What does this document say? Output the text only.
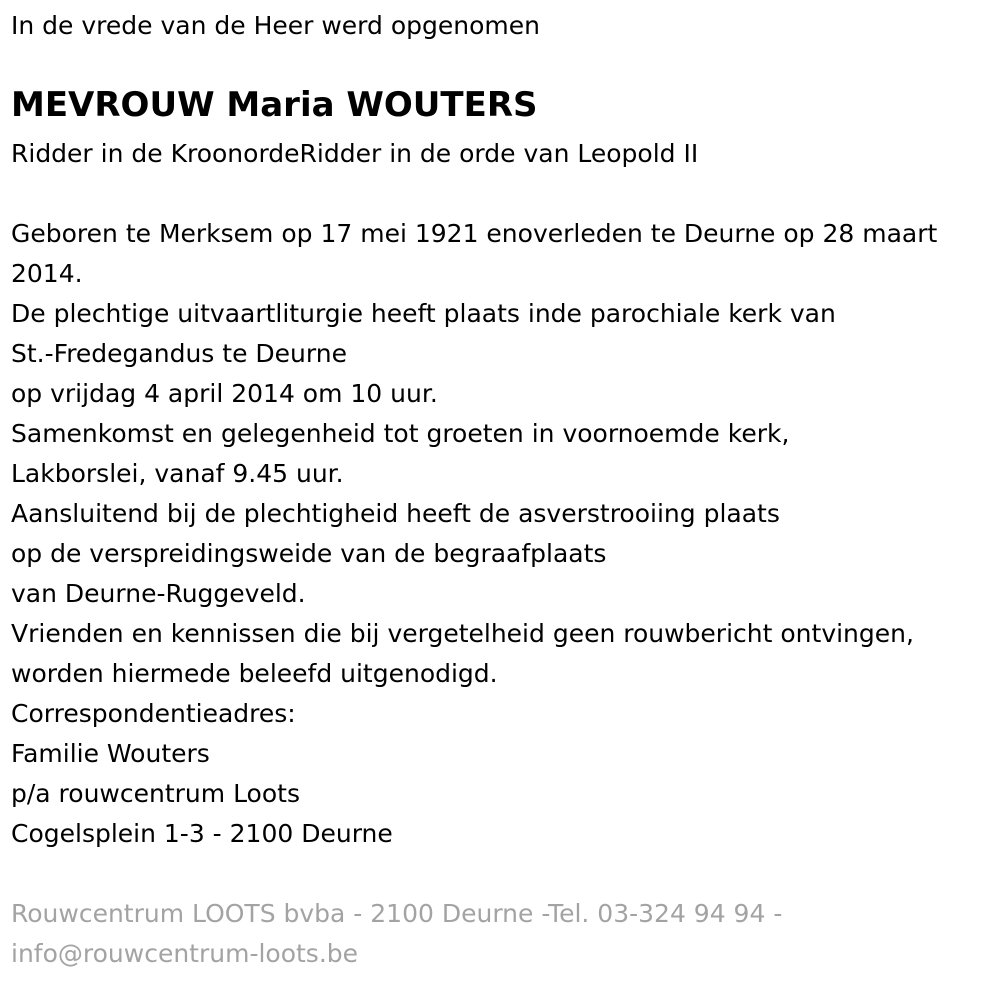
In de vrede van de Heer werd opgenomen
MEVROUW Maria WOUTERS
Ridder in de KroonordeRidder in de orde van Leopold II
Geboren te Merksem op 17 mei 1921 enoverleden te Deurne op 28 maart
2014.
De plechtige uitvaartliturgie heeft plaats inde parochiale kerk van
St.-Fredegandus te Deurne
op vrijdag 4 april 2014 om 10 uur.
Samenkomst en gelegenheid tot groeten in voornoemde kerk,
Lakborslei, vanaf 9.45 uur.
Aansluitend bij de plechtigheid heeft de asverstrooiing plaats
op de verspreidingsweide van de begraafplaats
van Deurne-Ruggeveld.
Vrienden en kennissen die bij vergetelheid geen rouwbericht ontvingen,
worden hiermede beleefd uitgenodigd.
Correspondentieadres:
Familie Wouters
p/a rouwcentrum Loots
Cogelsplein 1-3 - 2100 Deurne
Rouwcentrum LOOTS bvba - 2100 Deurne -Tel. 03-324 94 94 -
info@rouwcentrum-loots.be
